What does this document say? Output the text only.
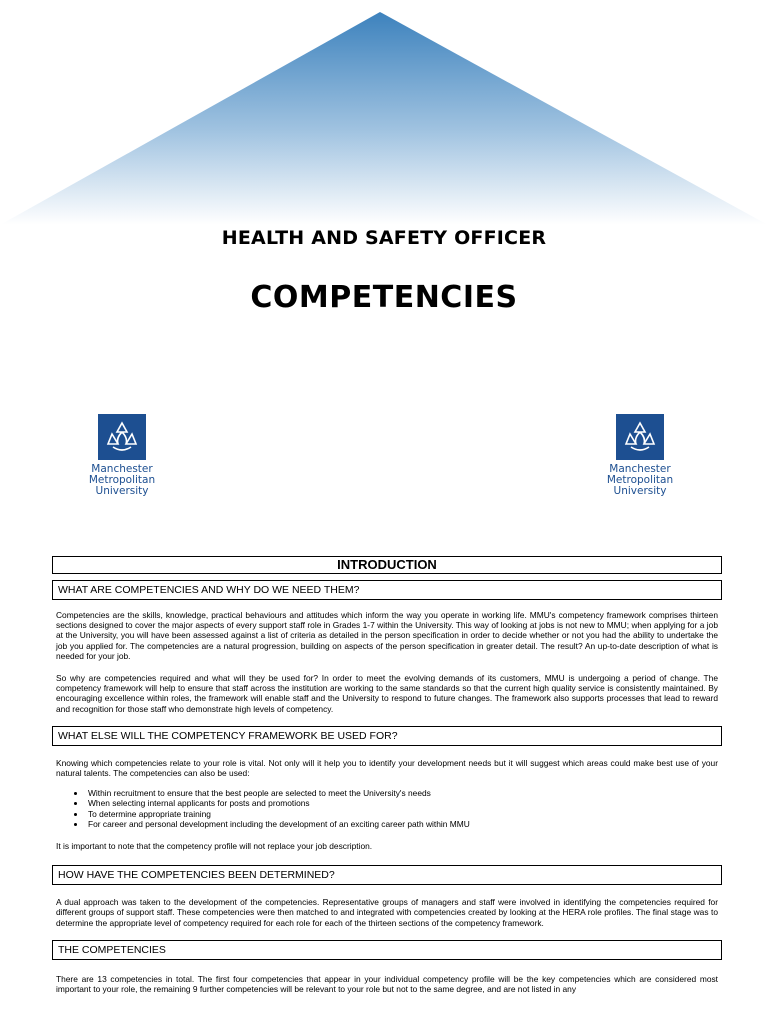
HEALTH AND SAFETY OFFICER
COMPETENCIES
Manchester
Metropolitan
University
Manchester
Metropolitan
University
INTRODUCTION
WHAT ARE COMPETENCIES AND WHY DO WE NEED THEM?
Competencies are the skills, knowledge, practical behaviours and attitudes which inform the way you operate in working life. MMU's competency framework comprises thirteen sections designed to cover the major aspects of every support staff role in Grades 1-7 within the University. This way of looking at jobs is not new to MMU; when applying for a job at the University, you will have been assessed against a list of criteria as detailed in the person specification in order to decide whether or not you had the ability to undertake the job you applied for. The competencies are a natural progression, building on aspects of the person specification in greater detail. The result? An up-to-date description of what is needed for your job.
So why are competencies required and what will they be used for? In order to meet the evolving demands of its customers, MMU is undergoing a period of change. The competency framework will help to ensure that staff across the institution are working to the same standards so that the current high quality service is consistently maintained. By encouraging excellence within roles, the framework will enable staff and the University to respond to future changes. The framework also supports processes that lead to reward and recognition for those staff who demonstrate high levels of competency.
WHAT ELSE WILL THE COMPETENCY FRAMEWORK BE USED FOR?
Knowing which competencies relate to your role is vital. Not only will it help you to identify your development needs but it will suggest which areas could make best use of your natural talents. The competencies can also be used:
• Within recruitment to ensure that the best people are selected to meet the University's needs
• When selecting internal applicants for posts and promotions
• To determine appropriate training
• For career and personal development including the development of an exciting career path within MMU
It is important to note that the competency profile will not replace your job description.
HOW HAVE THE COMPETENCIES BEEN DETERMINED?
A dual approach was taken to the development of the competencies. Representative groups of managers and staff were involved in identifying the competencies required for different groups of support staff. These competencies were then matched to and integrated with competencies created by looking at the HERA role profiles. The final stage was to determine the appropriate level of competency required for each role for each of the thirteen sections of the competency framework.
THE COMPETENCIES
There are 13 competencies in total. The first four competencies that appear in your individual competency profile will be the key competencies which are considered most important to your role, the remaining 9 further competencies will be relevant to your role but not to the same degree, and are not listed in any
